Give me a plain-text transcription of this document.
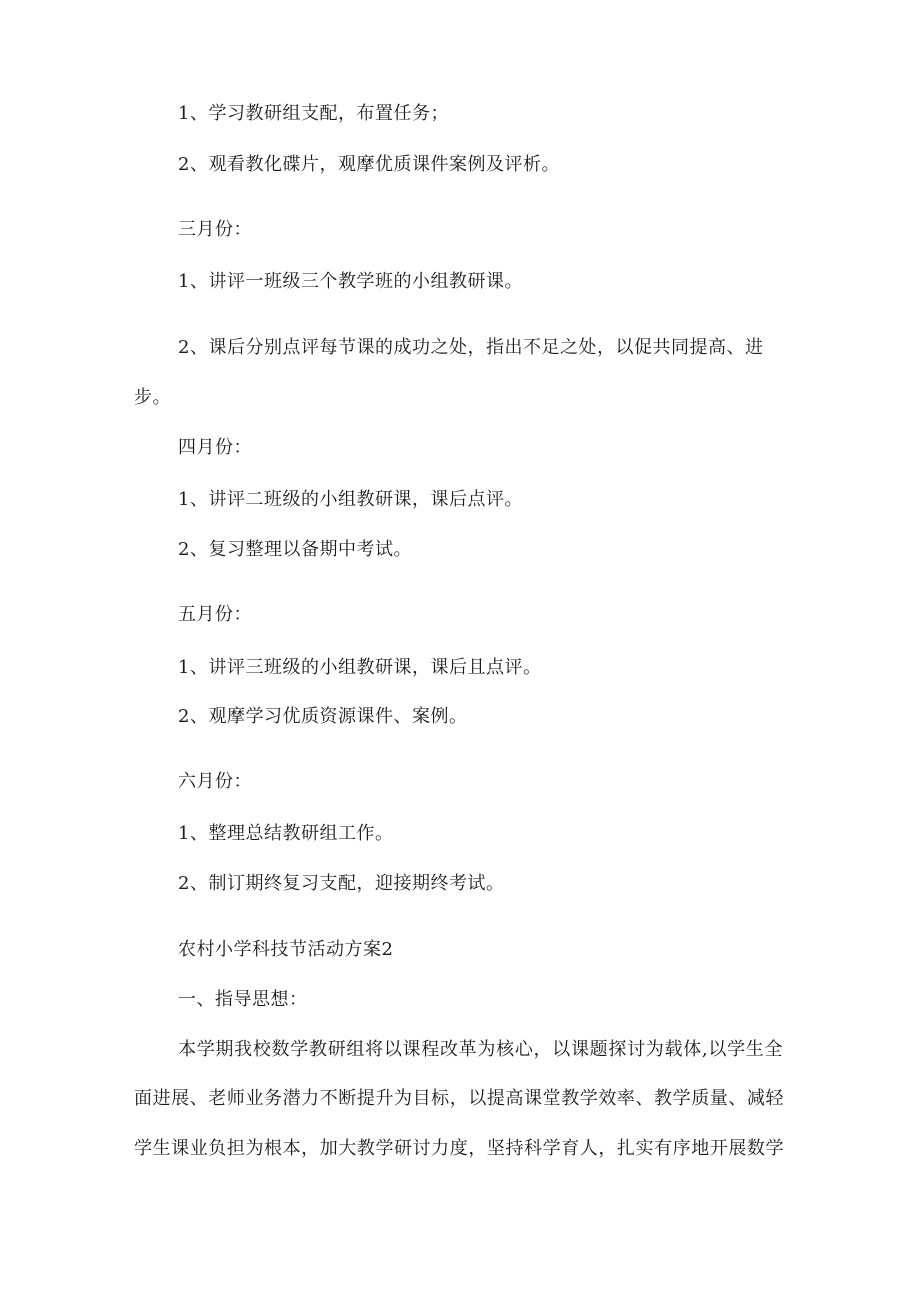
1、学习教研组支配，布置任务；
2、观看教化碟片，观摩优质课件案例及评析。
三月份：
1、讲评一班级三个教学班的小组教研课。
2、课后分别点评每节课的成功之处，指出不足之处，以促共同提高、进
步。
四月份：
1、讲评二班级的小组教研课，课后点评。
2、复习整理以备期中考试。
五月份：
1、讲评三班级的小组教研课，课后且点评。
2、观摩学习优质资源课件、案例。
六月份：
1、整理总结教研组工作。
2、制订期终复习支配，迎接期终考试。
农村小学科技节活动方案2
一、指导思想：
本学期我校数学教研组将以课程改革为核心，以课题探讨为载体,以学生全
面进展、老师业务潜力不断提升为目标，以提高课堂教学效率、教学质量、减轻
学生课业负担为根本，加大教学研讨力度，坚持科学育人，扎实有序地开展数学
